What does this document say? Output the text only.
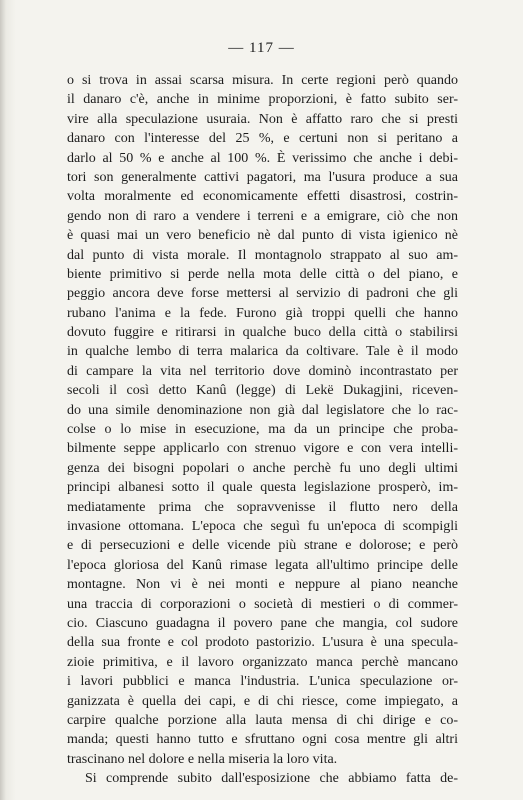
— 117 —
o si trova in assai scarsa misura. In certe regioni però quando
il danaro c'è, anche in minime proporzioni, è fatto subito ser-
vire alla speculazione usuraia. Non è affatto raro che si presti
danaro con l'interesse del 25 %, e certuni non si peritano a
darlo al 50 % e anche al 100 %. È verissimo che anche i debi-
tori son generalmente cattivi pagatori, ma l'usura produce a sua
volta moralmente ed economicamente effetti disastrosi, costrin-
gendo non di raro a vendere i terreni e a emigrare, ciò che non
è quasi mai un vero beneficio nè dal punto di vista igienico nè
dal punto di vista morale. Il montagnolo strappato al suo am-
biente primitivo si perde nella mota delle città o del piano, e
peggio ancora deve forse mettersi al servizio di padroni che gli
rubano l'anima e la fede. Furono già troppi quelli che hanno
dovuto fuggire e ritirarsi in qualche buco della città o stabilirsi
in qualche lembo di terra malarica da coltivare. Tale è il modo
di campare la vita nel territorio dove dominò incontrastato per
secoli il così detto Kanû (legge) di Lekë Dukagjini, riceven-
do una simile denominazione non già dal legislatore che lo rac-
colse o lo mise in esecuzione, ma da un principe che proba-
bilmente seppe applicarlo con strenuo vigore e con vera intelli-
genza dei bisogni popolari o anche perchè fu uno degli ultimi
principi albanesi sotto il quale questa legislazione prosperò, im-
mediatamente prima che sopravvenisse il flutto nero della
invasione ottomana. L'epoca che seguì fu un'epoca di scompigli
e di persecuzioni e delle vicende più strane e dolorose; e però
l'epoca gloriosa del Kanû rimase legata all'ultimo principe delle
montagne. Non vi è nei monti e neppure al piano neanche
una traccia di corporazioni o società di mestieri o di commer-
cio. Ciascuno guadagna il povero pane che mangia, col sudore
della sua fronte e col prodoto pastorizio. L'usura è una specula-
zioie primitiva, e il lavoro organizzato manca perchè mancano
i lavori pubblici e manca l'industria. L'unica speculazione or-
ganizzata è quella dei capi, e di chi riesce, come impiegato, a
carpire qualche porzione alla lauta mensa di chi dirige e co-
manda; questi hanno tutto e sfruttano ogni cosa mentre gli altri
trascinano nel dolore e nella miseria la loro vita.
Si comprende subito dall'esposizione che abbiamo fatta de-
